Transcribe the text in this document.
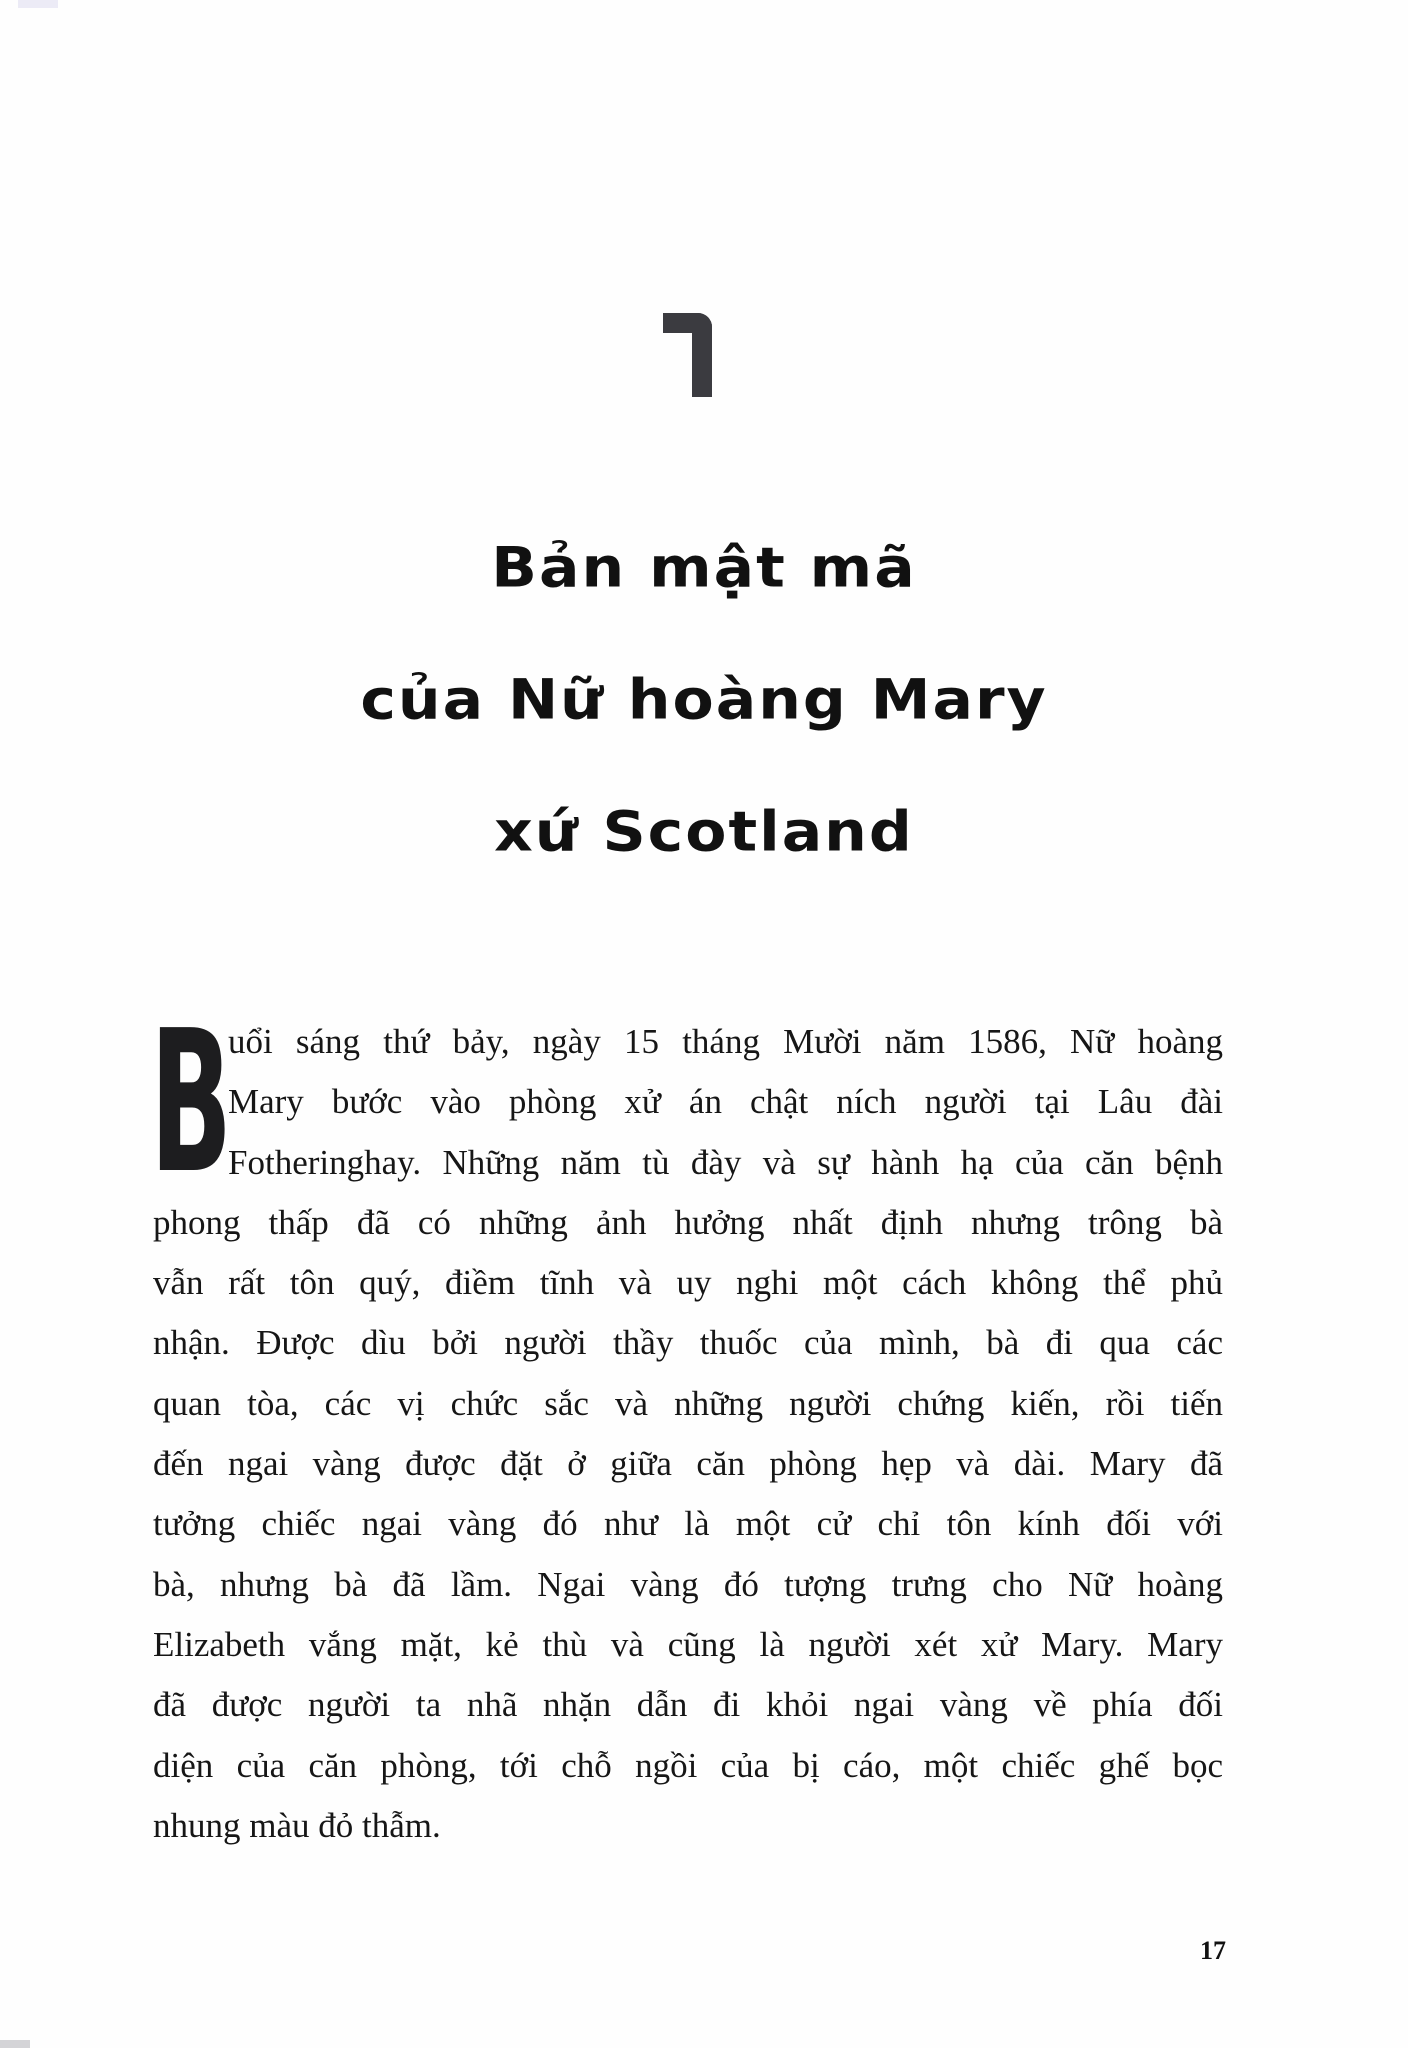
Bản mật mã
của Nữ hoàng Mary
xứ Scotland
B
uổi sáng thứ bảy, ngày 15 tháng Mười năm 1586, Nữ hoàng
Mary bước vào phòng xử án chật ních người tại Lâu đài
Fotheringhay. Những năm tù đày và sự hành hạ của căn bệnh
phong thấp đã có những ảnh hưởng nhất định nhưng trông bà
vẫn rất tôn quý, điềm tĩnh và uy nghi một cách không thể phủ
nhận. Được dìu bởi người thầy thuốc của mình, bà đi qua các
quan tòa, các vị chức sắc và những người chứng kiến, rồi tiến
đến ngai vàng được đặt ở giữa căn phòng hẹp và dài. Mary đã
tưởng chiếc ngai vàng đó như là một cử chỉ tôn kính đối với
bà, nhưng bà đã lầm. Ngai vàng đó tượng trưng cho Nữ hoàng
Elizabeth vắng mặt, kẻ thù và cũng là người xét xử Mary. Mary
đã được người ta nhã nhặn dẫn đi khỏi ngai vàng về phía đối
diện của căn phòng, tới chỗ ngồi của bị cáo, một chiếc ghế bọc
nhung màu đỏ thẫm.
17
